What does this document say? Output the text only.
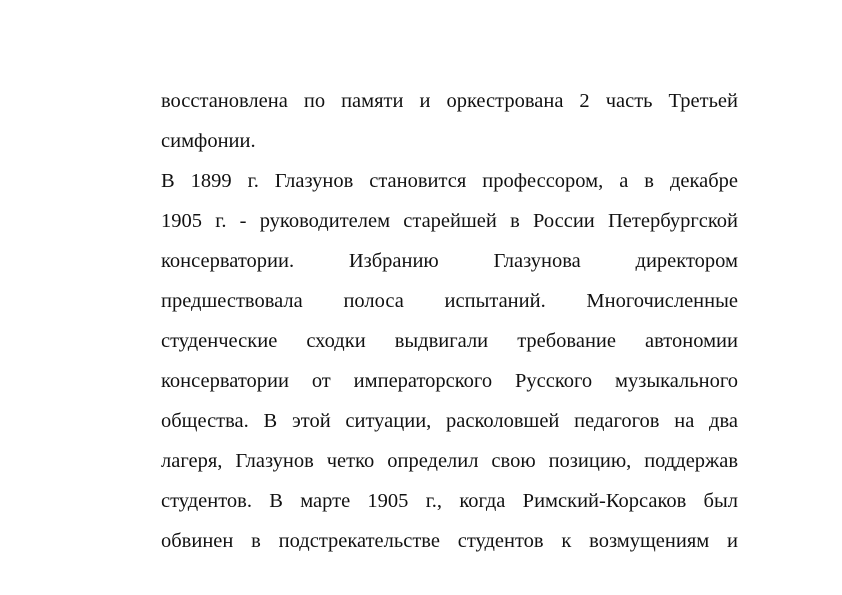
восстановлена по памяти и оркестрована 2 часть Третьей
симфонии.
В 1899 г. Глазунов становится профессором, а в декабре
1905 г. - руководителем старейшей в России Петербургской
консерватории. Избранию Глазунова директором
предшествовала полоса испытаний. Многочисленные
студенческие сходки выдвигали требование автономии
консерватории от императорского Русского музыкального
общества. В этой ситуации, расколовшей педагогов на два
лагеря, Глазунов четко определил свою позицию, поддержав
студентов. В марте 1905 г., когда Римский-Корсаков был
обвинен в подстрекательстве студентов к возмущениям и
